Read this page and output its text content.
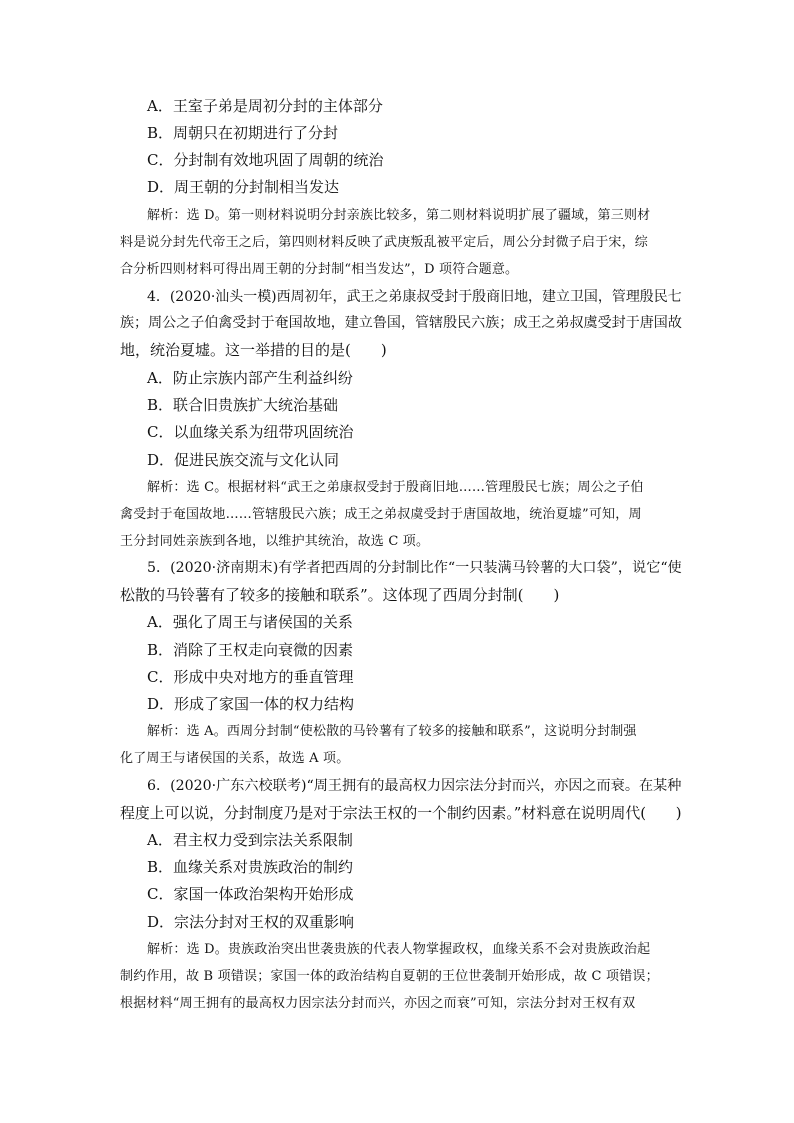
A．王室子弟是周初分封的主体部分
B．周朝只在初期进行了分封
C．分封制有效地巩固了周朝的统治
D．周王朝的分封制相当发达
解析：选 D。第一则材料说明分封亲族比较多，第二则材料说明扩展了疆域，第三则材
料是说分封先代帝王之后，第四则材料反映了武庚叛乱被平定后，周公分封微子启于宋，综
合分析四则材料可得出周王朝的分封制“相当发达”，D 项符合题意。
4．(2020·汕头一模)西周初年，武王之弟康叔受封于殷商旧地，建立卫国，管理殷民七
族；周公之子伯禽受封于奄国故地，建立鲁国，管辖殷民六族；成王之弟叔虞受封于唐国故
地，统治夏墟。这一举措的目的是(　　)
A．防止宗族内部产生利益纠纷
B．联合旧贵族扩大统治基础
C．以血缘关系为纽带巩固统治
D．促进民族交流与文化认同
解析：选 C。根据材料“武王之弟康叔受封于殷商旧地……管理殷民七族；周公之子伯
禽受封于奄国故地……管辖殷民六族；成王之弟叔虞受封于唐国故地，统治夏墟”可知，周
王分封同姓亲族到各地，以维护其统治，故选 C 项。
5．(2020·济南期末)有学者把西周的分封制比作“一只装满马铃薯的大口袋”，说它“使
松散的马铃薯有了较多的接触和联系”。这体现了西周分封制(　　)
A．强化了周王与诸侯国的关系
B．消除了王权走向衰微的因素
C．形成中央对地方的垂直管理
D．形成了家国一体的权力结构
解析：选 A。西周分封制“使松散的马铃薯有了较多的接触和联系”，这说明分封制强
化了周王与诸侯国的关系，故选 A 项。
6．(2020·广东六校联考)“周王拥有的最高权力因宗法分封而兴，亦因之而衰。在某种
程度上可以说，分封制度乃是对于宗法王权的一个制约因素。”材料意在说明周代(　　)
A．君主权力受到宗法关系限制
B．血缘关系对贵族政治的制约
C．家国一体政治架构开始形成
D．宗法分封对王权的双重影响
解析：选 D。贵族政治突出世袭贵族的代表人物掌握政权，血缘关系不会对贵族政治起
制约作用，故 B 项错误；家国一体的政治结构自夏朝的王位世袭制开始形成，故 C 项错误；
根据材料“周王拥有的最高权力因宗法分封而兴，亦因之而衰”可知，宗法分封对王权有双
